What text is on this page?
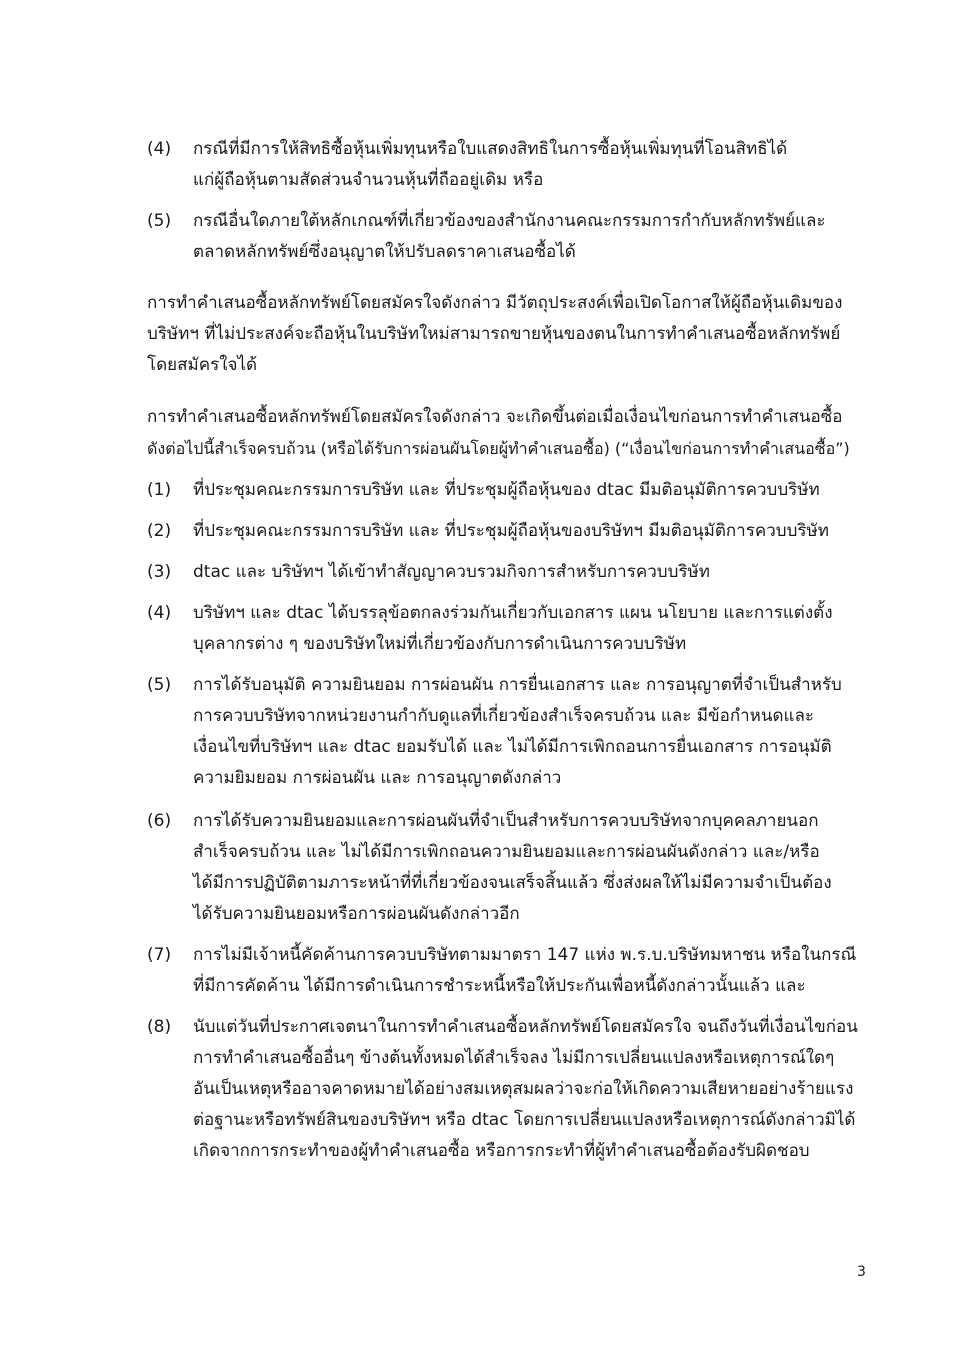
(4)	กรณีที่มีการให้สิทธิซื้อหุ้นเพิ่มทุนหรือใบแสดงสิทธิในการซื้อหุ้นเพิ่มทุนที่โอนสิทธิได้
แก่ผู้ถือหุ้นตามสัดส่วนจำนวนหุ้นที่ถืออยู่เดิม หรือ
(5)	กรณีอื่นใดภายใต้หลักเกณฑ์ที่เกี่ยวข้องของสำนักงานคณะกรรมการกำกับหลักทรัพย์และ
ตลาดหลักทรัพย์ซึ่งอนุญาตให้ปรับลดราคาเสนอซื้อได้
การทำคำเสนอซื้อหลักทรัพย์โดยสมัครใจดังกล่าว มีวัตถุประสงค์เพื่อเปิดโอกาสให้ผู้ถือหุ้นเดิมของ
บริษัทฯ ที่ไม่ประสงค์จะถือหุ้นในบริษัทใหม่สามารถขายหุ้นของตนในการทำคำเสนอซื้อหลักทรัพย์
โดยสมัครใจได้
การทำคำเสนอซื้อหลักทรัพย์โดยสมัครใจดังกล่าว จะเกิดขึ้นต่อเมื่อเงื่อนไขก่อนการทำคำเสนอซื้อ
ดังต่อไปนี้สำเร็จครบถ้วน (หรือได้รับการผ่อนผันโดยผู้ทำคำเสนอซื้อ) (“เงื่อนไขก่อนการทำคำเสนอซื้อ”)
(1)	ที่ประชุมคณะกรรมการบริษัท และ ที่ประชุมผู้ถือหุ้นของ dtac มีมติอนุมัติการควบบริษัท
(2)	ที่ประชุมคณะกรรมการบริษัท และ ที่ประชุมผู้ถือหุ้นของบริษัทฯ มีมติอนุมัติการควบบริษัท
(3)	dtac และ บริษัทฯ ได้เข้าทำสัญญาควบรวมกิจการสำหรับการควบบริษัท
(4)	บริษัทฯ และ dtac ได้บรรลุข้อตกลงร่วมกันเกี่ยวกับเอกสาร แผน นโยบาย และการแต่งตั้ง
บุคลากรต่าง ๆ ของบริษัทใหม่ที่เกี่ยวข้องกับการดำเนินการควบบริษัท
(5)	การได้รับอนุมัติ ความยินยอม การผ่อนผัน การยื่นเอกสาร และ การอนุญาตที่จำเป็นสำหรับ
การควบบริษัทจากหน่วยงานกำกับดูแลที่เกี่ยวข้องสำเร็จครบถ้วน และ มีข้อกำหนดและ
เงื่อนไขที่บริษัทฯ และ dtac ยอมรับได้ และ ไม่ได้มีการเพิกถอนการยื่นเอกสาร การอนุมัติ
ความยิมยอม การผ่อนผัน และ การอนุญาตดังกล่าว
(6)	การได้รับความยินยอมและการผ่อนผันที่จำเป็นสำหรับการควบบริษัทจากบุคคลภายนอก
สำเร็จครบถ้วน และ ไม่ได้มีการเพิกถอนความยินยอมและการผ่อนผันดังกล่าว และ/หรือ
ได้มีการปฏิบัติตามภาระหน้าที่ที่เกี่ยวข้องจนเสร็จสิ้นแล้ว ซึ่งส่งผลให้ไม่มีความจำเป็นต้อง
ได้รับความยินยอมหรือการผ่อนผันดังกล่าวอีก
(7)	การไม่มีเจ้าหนี้คัดค้านการควบบริษัทตามมาตรา 147 แห่ง พ.ร.บ.บริษัทมหาชน หรือในกรณี
ที่มีการคัดค้าน ได้มีการดำเนินการชำระหนี้หรือให้ประกันเพื่อหนี้ดังกล่าวนั้นแล้ว และ
(8)	นับแต่วันที่ประกาศเจตนาในการทำคำเสนอซื้อหลักทรัพย์โดยสมัครใจ จนถึงวันที่เงื่อนไขก่อน
การทำคำเสนอซื้ออื่นๆ ข้างต้นทั้งหมดได้สำเร็จลง ไม่มีการเปลี่ยนแปลงหรือเหตุการณ์ใดๆ
อันเป็นเหตุหรืออาจคาดหมายได้อย่างสมเหตุสมผลว่าจะก่อให้เกิดความเสียหายอย่างร้ายแรง
ต่อฐานะหรือทรัพย์สินของบริษัทฯ หรือ dtac โดยการเปลี่ยนแปลงหรือเหตุการณ์ดังกล่าวมิได้
เกิดจากการกระทำของผู้ทำคำเสนอซื้อ หรือการกระทำที่ผู้ทำคำเสนอซื้อต้องรับผิดชอบ
3
